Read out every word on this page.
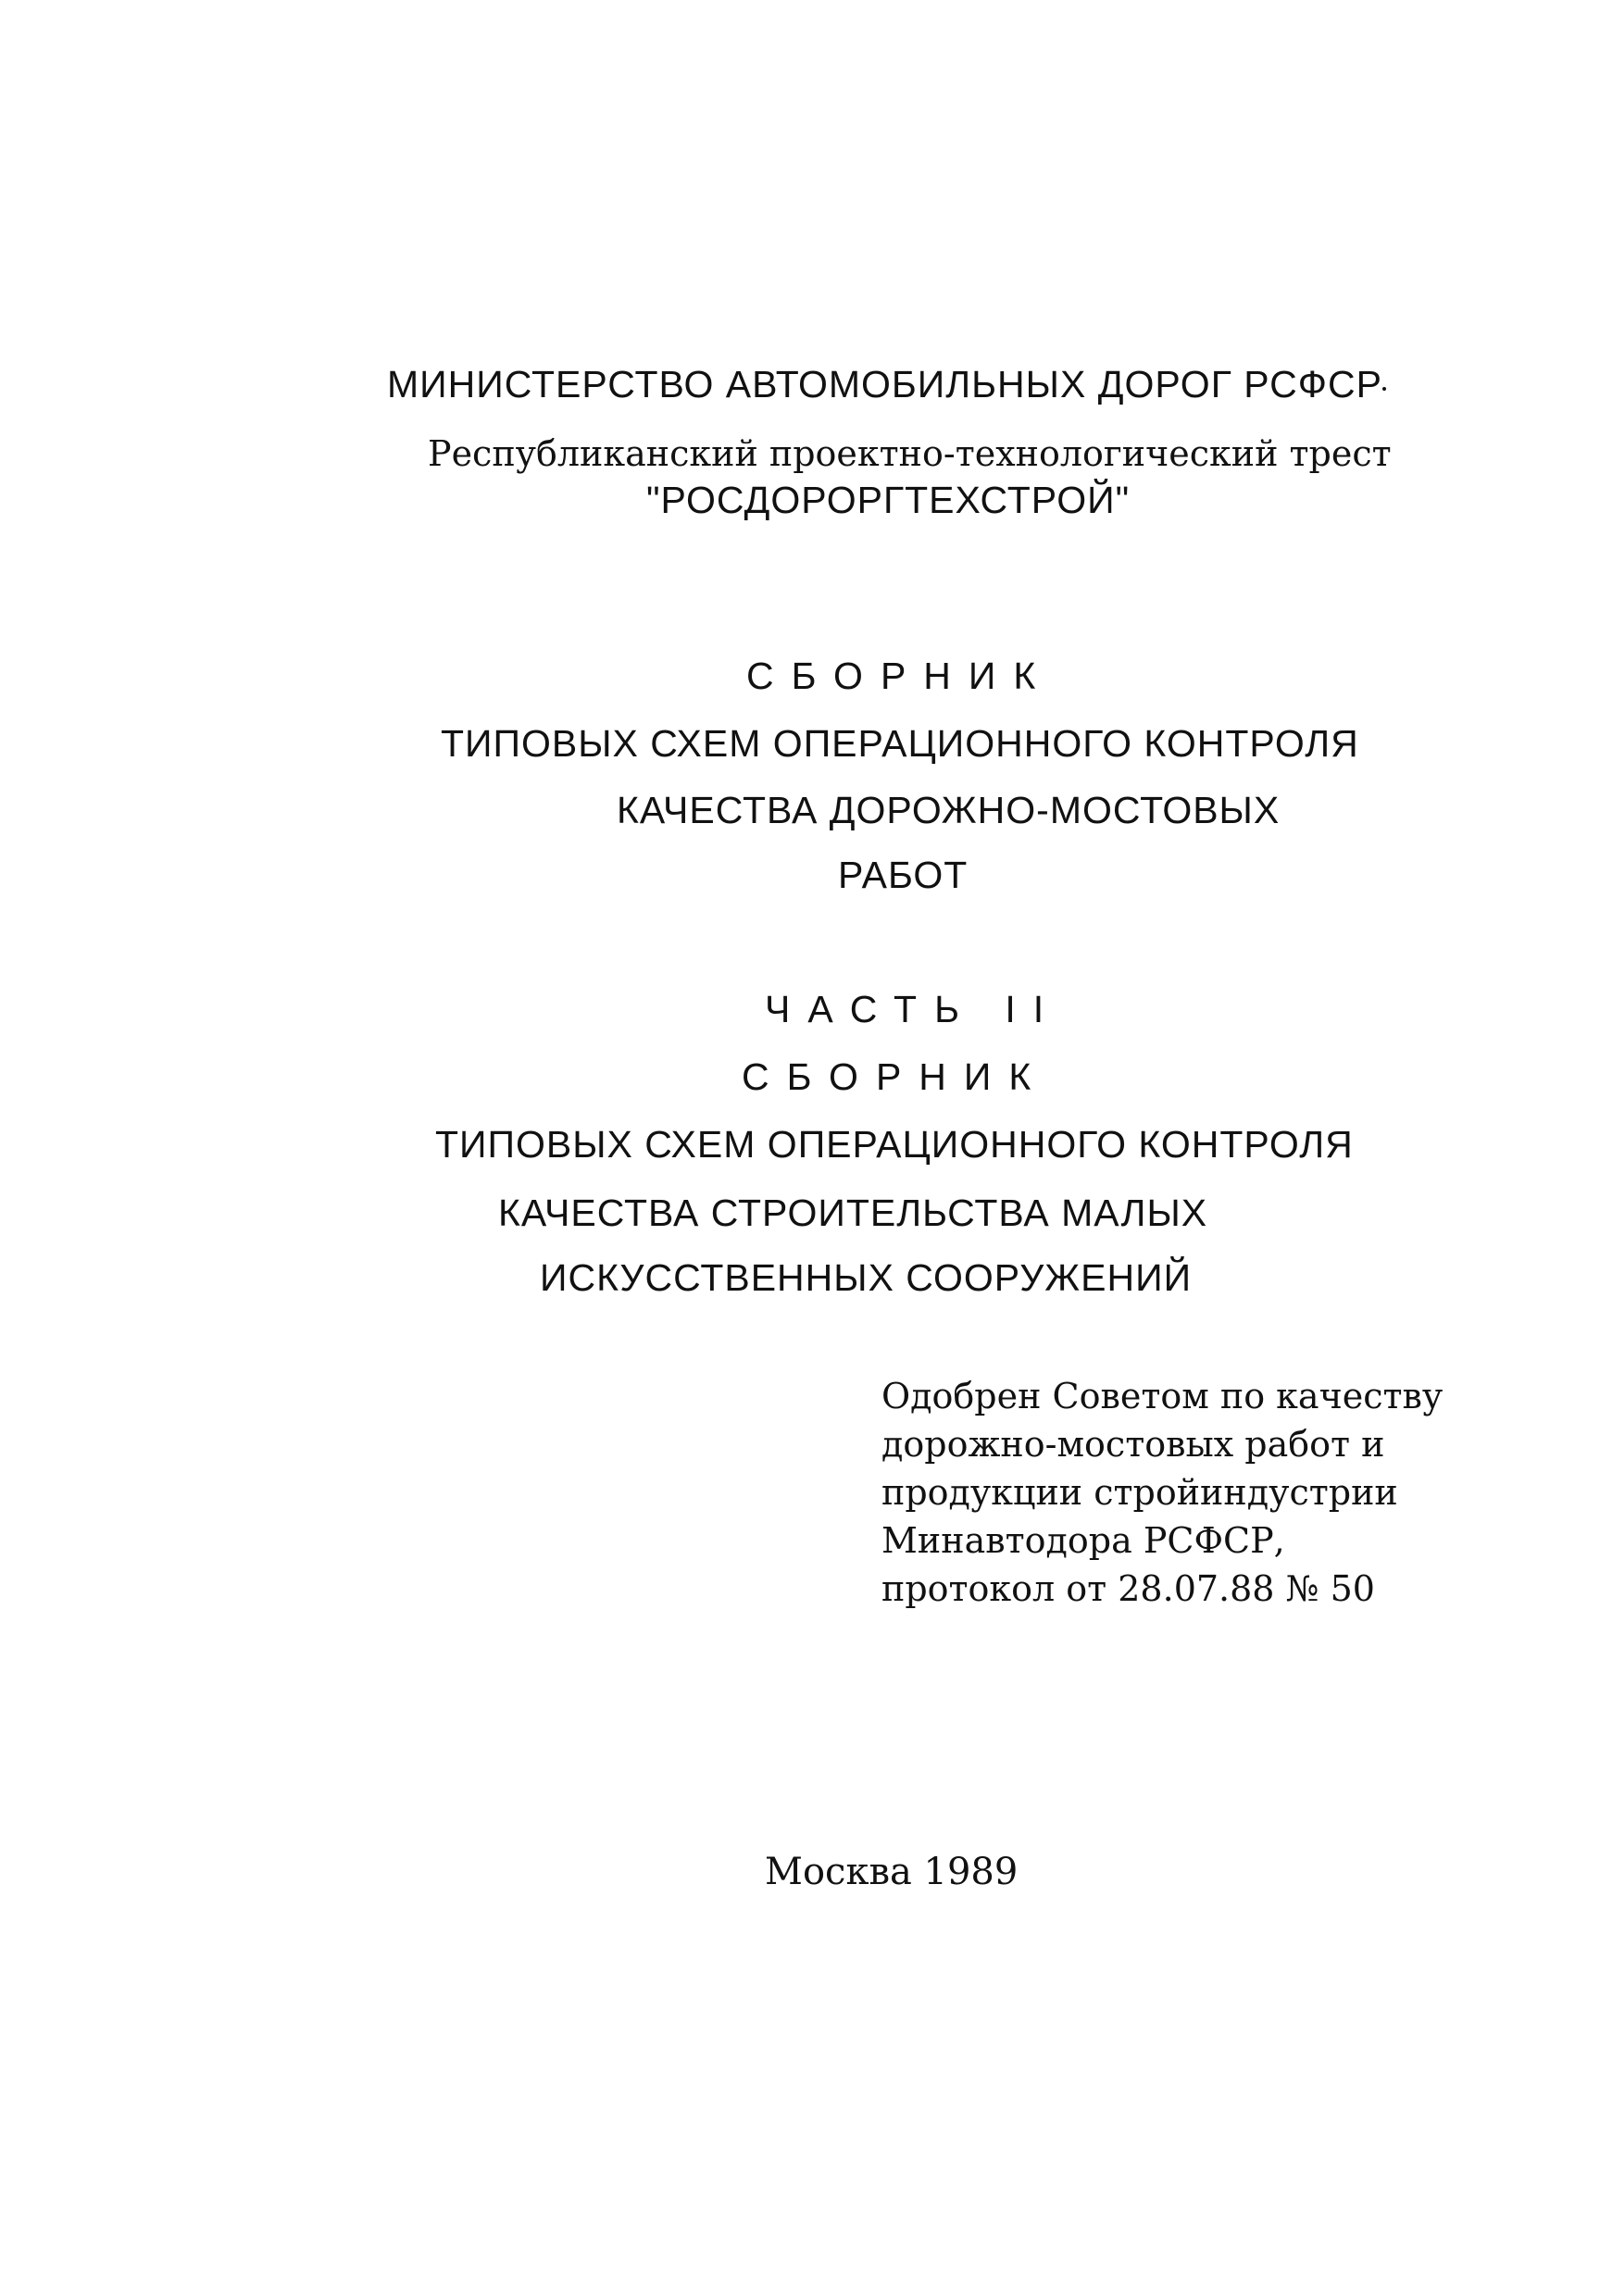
МИНИСТЕРСТВО АВТОМОБИЛЬНЫХ ДОРОГ РСФСР

Республиканский проектно-технологический трест

"РОСДОРОРГТЕХСТРОЙ"

СБОРНИК

ТИПОВЫХ СХЕМ ОПЕРАЦИОННОГО КОНТРОЛЯ

КАЧЕСТВА ДОРОЖНО-МОСТОВЫХ

РАБОТ

ЧАСТЬ II

СБОРНИК

ТИПОВЫХ СХЕМ ОПЕРАЦИОННОГО КОНТРОЛЯ

КАЧЕСТВА СТРОИТЕЛЬСТВА МАЛЫХ

ИСКУССТВЕННЫХ СООРУЖЕНИЙ

Одобрен Советом по качеству

дорожно-мостовых работ и

продукции стройиндустрии

Минавтодора РСФСР,

протокол от 28.07.88 № 50

Москва 1989
